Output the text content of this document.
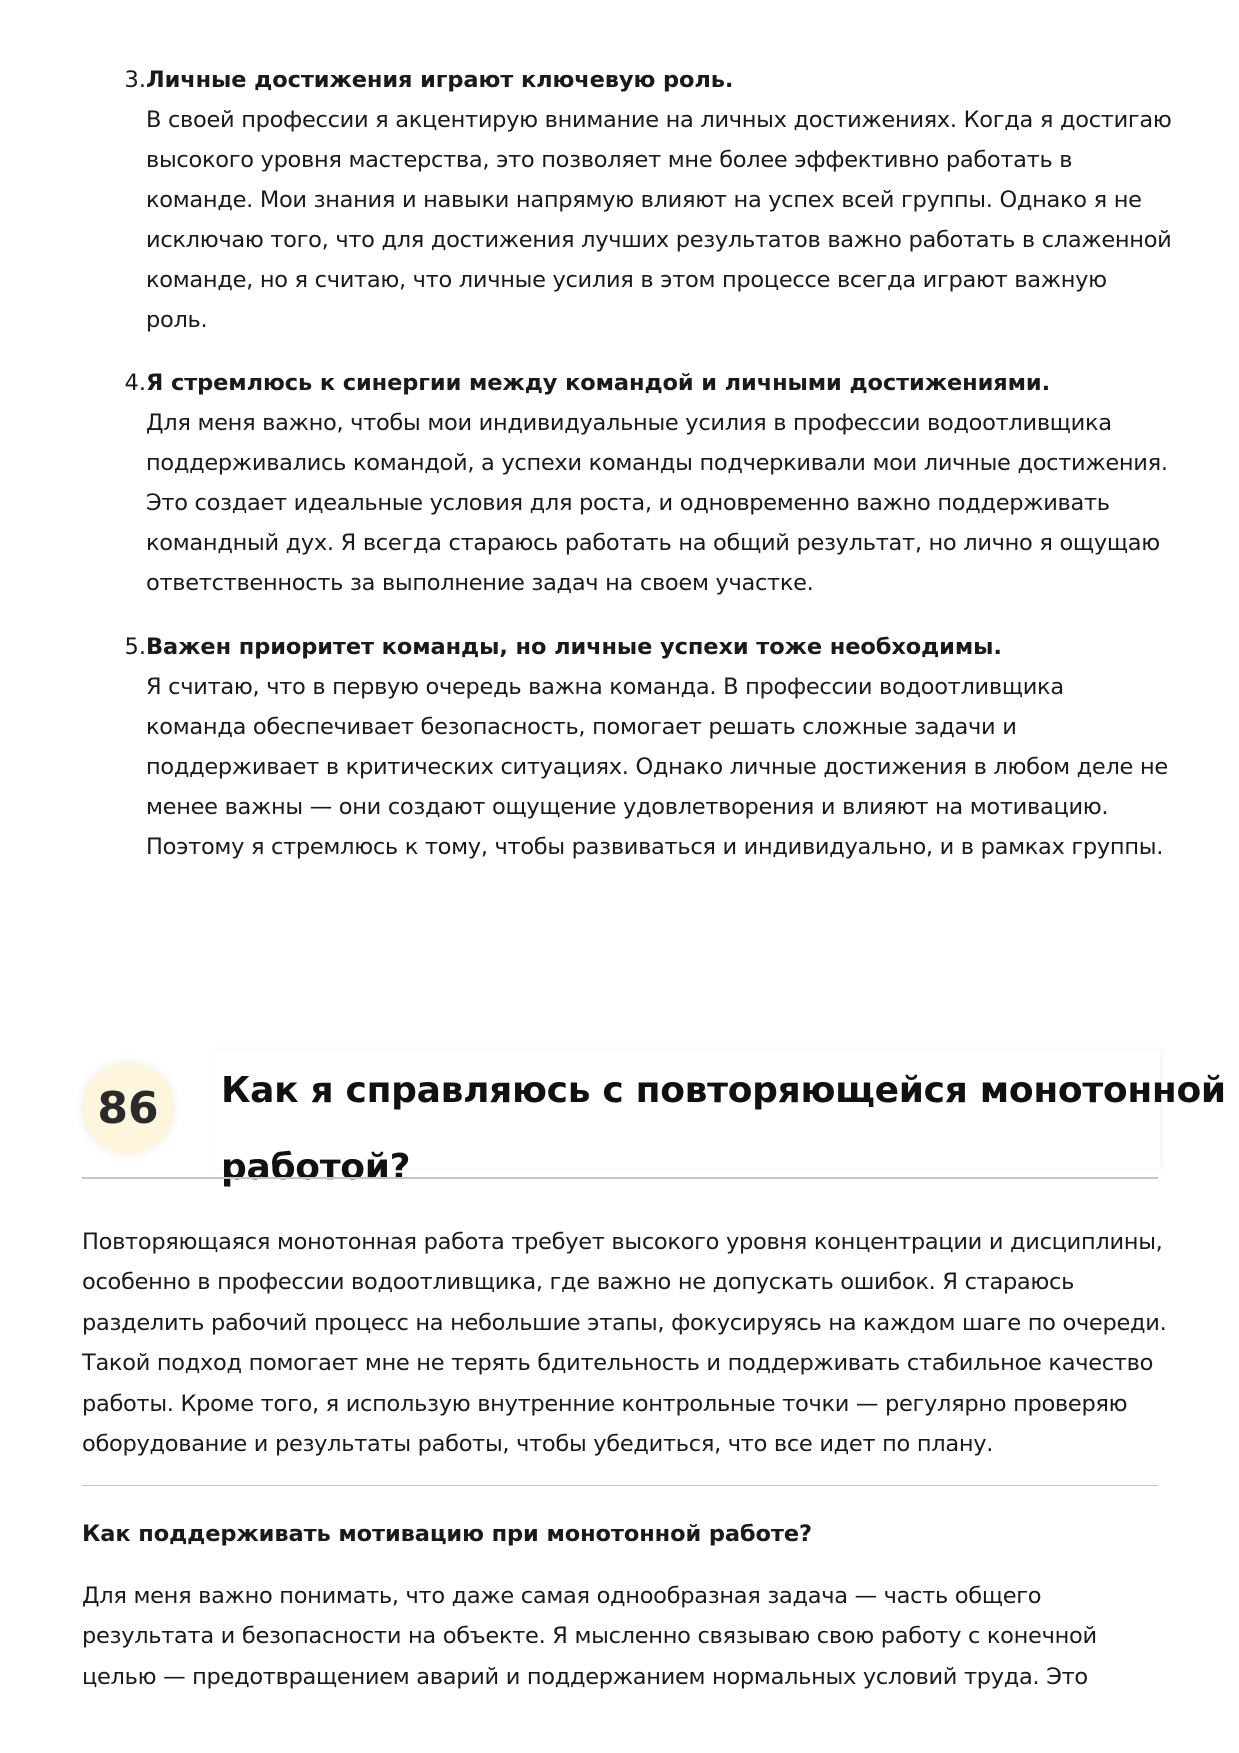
3. Личные достижения играют ключевую роль.
В своей профессии я акцентирую внимание на личных достижениях. Когда я достигаю
высокого уровня мастерства, это позволяет мне более эффективно работать в
команде. Мои знания и навыки напрямую влияют на успех всей группы. Однако я не
исключаю того, что для достижения лучших результатов важно работать в слаженной
команде, но я считаю, что личные усилия в этом процессе всегда играют важную
роль.
4. Я стремлюсь к синергии между командой и личными достижениями.
Для меня важно, чтобы мои индивидуальные усилия в профессии водоотливщика
поддерживались командой, а успехи команды подчеркивали мои личные достижения.
Это создает идеальные условия для роста, и одновременно важно поддерживать
командный дух. Я всегда стараюсь работать на общий результат, но лично я ощущаю
ответственность за выполнение задач на своем участке.
5. Важен приоритет команды, но личные успехи тоже необходимы.
Я считаю, что в первую очередь важна команда. В профессии водоотливщика
команда обеспечивает безопасность, помогает решать сложные задачи и
поддерживает в критических ситуациях. Однако личные достижения в любом деле не
менее важны — они создают ощущение удовлетворения и влияют на мотивацию.
Поэтому я стремлюсь к тому, чтобы развиваться и индивидуально, и в рамках группы.
86	Как я справляюсь с повторяющейся монотонной
работой?
Повторяющаяся монотонная работа требует высокого уровня концентрации и дисциплины,
особенно в профессии водоотливщика, где важно не допускать ошибок. Я стараюсь
разделить рабочий процесс на небольшие этапы, фокусируясь на каждом шаге по очереди.
Такой подход помогает мне не терять бдительность и поддерживать стабильное качество
работы. Кроме того, я использую внутренние контрольные точки — регулярно проверяю
оборудование и результаты работы, чтобы убедиться, что все идет по плану.
Как поддерживать мотивацию при монотонной работе?
Для меня важно понимать, что даже самая однообразная задача — часть общего
результата и безопасности на объекте. Я мысленно связываю свою работу с конечной
целью — предотвращением аварий и поддержанием нормальных условий труда. Это
